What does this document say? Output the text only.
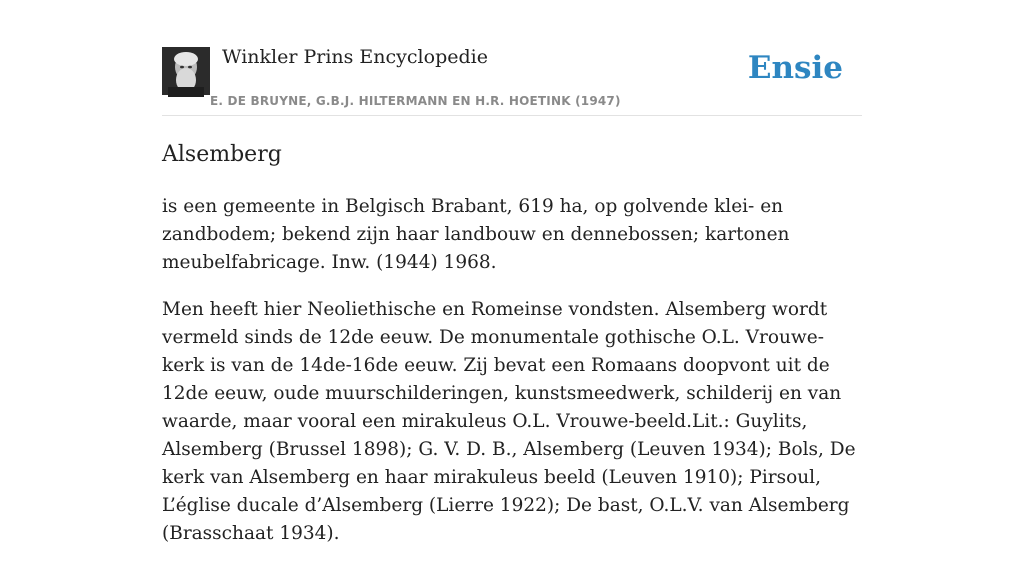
Winkler Prins Encyclopedie
E. DE BRUYNE, G.B.J. HILTERMANN EN H.R. HOETINK (1947)
Ensie
Alsemberg

is een gemeente in Belgisch Brabant, 619 ha, op golvende klei- en zandbodem; bekend zijn haar landbouw en dennebossen; kartonen meubelfabricage. Inw. (1944) 1968.

Men heeft hier Neoliethische en Romeinse vondsten. Alsemberg wordt vermeld sinds de 12de eeuw. De monumentale gothische O.L. Vrouwe-kerk is van de 14de-16de eeuw. Zij bevat een Romaans doopvont uit de 12de eeuw, oude muurschilderingen, kunstsmeedwerk, schilderij en van waarde, maar vooral een mirakuleus O.L. Vrouwe-beeld.Lit.: Guylits, Alsemberg (Brussel 1898); G. V. D. B., Alsemberg (Leuven 1934); Bols, De kerk van Alsemberg en haar mirakuleus beeld (Leuven 1910); Pirsoul, L’église ducale d’Alsemberg (Lierre 1922); De bast, O.L.V. van Alsemberg (Brasschaat 1934).
